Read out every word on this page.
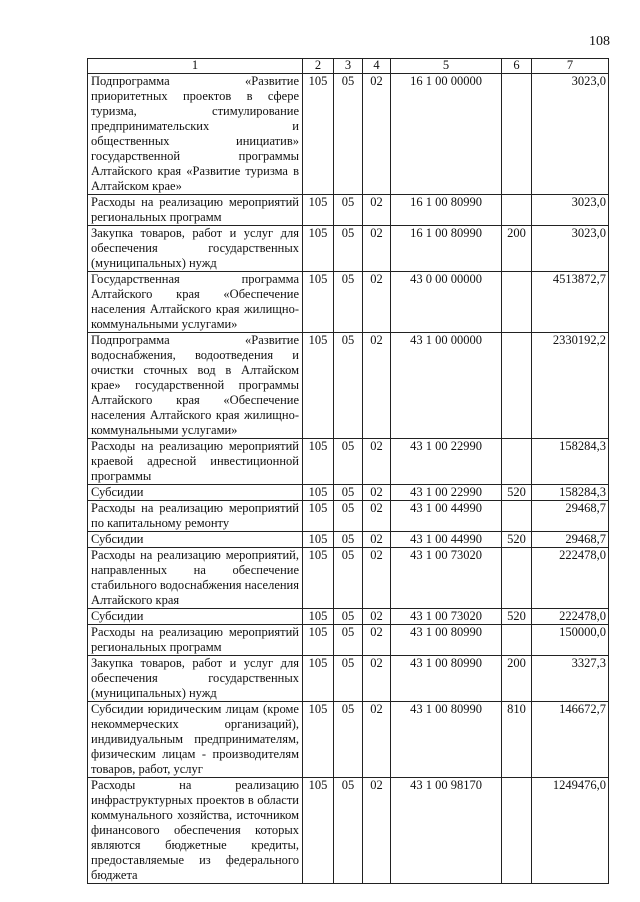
108
1	2	3	4	5	6	7
Подпрограмма «Развитие приоритетных проектов в сфере туризма, стимулирование предпринимательских и общественных инициатив» государственной программы Алтайского края «Развитие туризма в Алтайском крае»	105	05	02	16 1 00 00000		3023,0
Расходы на реализацию мероприятий региональных программ	105	05	02	16 1 00 80990		3023,0
Закупка товаров, работ и услуг для обеспечения государственных (муниципальных) нужд	105	05	02	16 1 00 80990	200	3023,0
Государственная программа Алтайского края «Обеспечение населения Алтайского края жилищно-коммунальными услугами»	105	05	02	43 0 00 00000		4513872,7
Подпрограмма «Развитие водоснабжения, водоотведения и очистки сточных вод в Алтайском крае» государственной программы Алтайского края «Обеспечение населения Алтайского края жилищно-коммунальными услугами»	105	05	02	43 1 00 00000		2330192,2
Расходы на реализацию мероприятий краевой адресной инвестиционной программы	105	05	02	43 1 00 22990		158284,3
Субсидии	105	05	02	43 1 00 22990	520	158284,3
Расходы на реализацию мероприятий по капитальному ремонту	105	05	02	43 1 00 44990		29468,7
Субсидии	105	05	02	43 1 00 44990	520	29468,7
Расходы на реализацию мероприятий, направленных на обеспечение стабильного водоснабжения населения Алтайского края	105	05	02	43 1 00 73020		222478,0
Субсидии	105	05	02	43 1 00 73020	520	222478,0
Расходы на реализацию мероприятий региональных программ	105	05	02	43 1 00 80990		150000,0
Закупка товаров, работ и услуг для обеспечения государственных (муниципальных) нужд	105	05	02	43 1 00 80990	200	3327,3
Субсидии юридическим лицам (кроме некоммерческих организаций), индивидуальным предпринимателям, физическим лицам - производителям товаров, работ, услуг	105	05	02	43 1 00 80990	810	146672,7
Расходы на реализацию инфраструктурных проектов в области коммунального хозяйства, источником финансового обеспечения которых являются бюджетные кредиты, предоставляемые из федерального бюджета	105	05	02	43 1 00 98170		1249476,0
